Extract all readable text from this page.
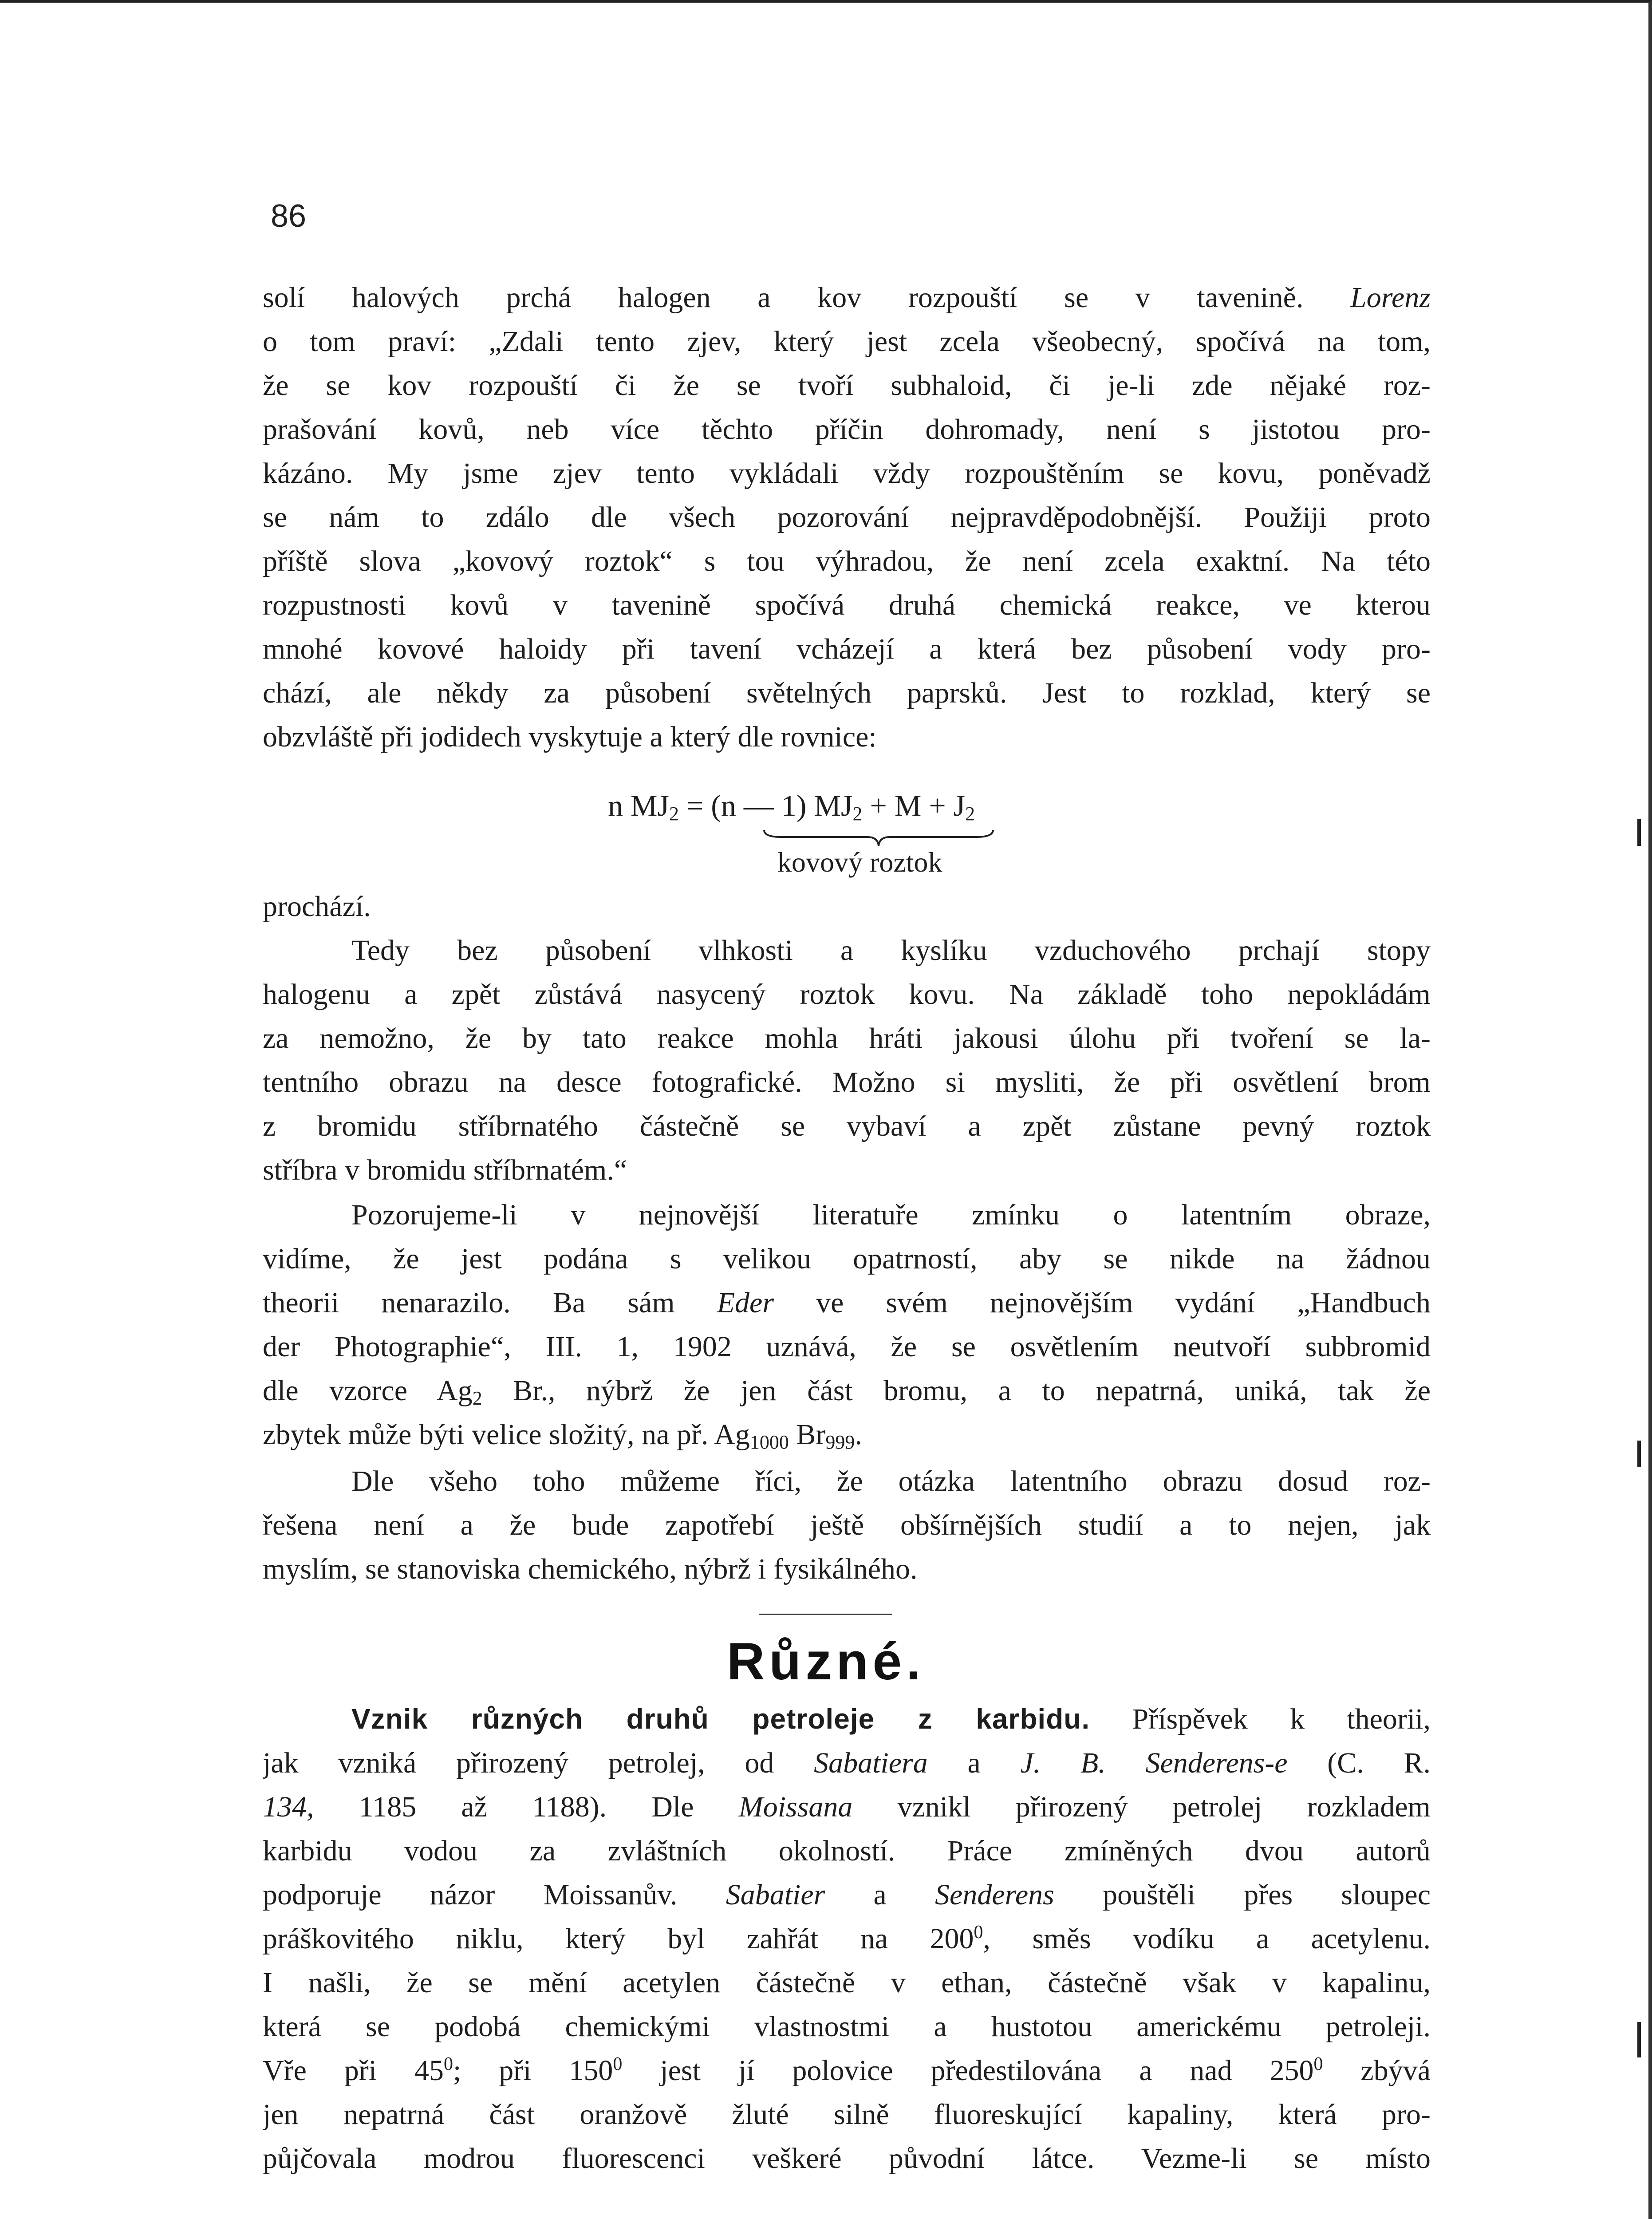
86
solí halových prchá halogen a kov rozpouští se v tavenině. Lorenz
o tom praví: „Zdali tento zjev, který jest zcela všeobecný, spočívá na tom,
že se kov rozpouští či že se tvoří subhaloid, či je-li zde nějaké roz-
prašování kovů, neb více těchto příčin dohromady, není s jistotou pro-
kázáno. My jsme zjev tento vykládali vždy rozpouštěním se kovu, poněvadž
se nám to zdálo dle všech pozorování nejpravděpodobnější. Použiji proto
příště slova „kovový roztok“ s tou výhradou, že není zcela exaktní. Na této
rozpustnosti kovů v tavenině spočívá druhá chemická reakce, ve kterou
mnohé kovové haloidy při tavení vcházejí a která bez působení vody pro-
chází, ale někdy za působení světelných paprsků. Jest to rozklad, který se
obzvláště při jodidech vyskytuje a který dle rovnice:
n $MJ_2 = (n$ — 1) $MJ_2 + M + J_2$
kovový roztok
prochází.
Tedy bez působení vlhkosti a kyslíku vzduchového prchají stopy
halogenu a zpět zůstává nasycený roztok kovu. Na základě toho nepokládám
za nemožno, že by tato reakce mohla hráti jakousi úlohu při tvoření se la-
tentního obrazu na desce fotografické. Možno si mysliti, že při osvětlení brom
z bromidu stříbrnatého částečně se vybaví a zpět zůstane pevný roztok
stříbra v bromidu stříbrnatém.“
Pozorujeme-li v nejnovější literatuře zmínku o latentním obraze,
vidíme, že jest podána s velikou opatrností, aby se nikde na žádnou
theorii nenarazilo. Ba sám Eder ve svém nejnovějším vydání „Handbuch
der Photographie“, III. 1, 1902 uznává, že se osvětlením neutvoří subbromid
dle vzorce $Ag_2$ Br., nýbrž že jen část bromu, a to nepatrná, uniká, tak že
zbytek může býti velice složitý, na př. $Ag_{1000}$ $Br_{999}$.
Dle všeho toho můžeme říci, že otázka latentního obrazu dosud roz-
řešena není a že bude zapotřebí ještě obšírnějších studií a to nejen, jak
myslím, se stanoviska chemického, nýbrž i fysikálného.
Různé.
Vznik různých druhů petroleje z karbidu. Příspěvek k theorii,
jak vzniká přirozený petrolej, od Sabatiera a J. B. Senderens-e (C. R.
134, 1185 až 1188). Dle Moissana vznikl přirozený petrolej rozkladem
karbidu vodou za zvláštních okolností. Práce zmíněných dvou autorů
podporuje názor Moissanův. Sabatier a Senderens pouštěli přes sloupec
práškovitého niklu, který byl zahřát na $200^0$, směs vodíku a acetylenu.
I našli, že se mění acetylen částečně v ethan, částečně však v kapalinu,
která se podobá chemickými vlastnostmi a hustotou americkému petroleji.
Vře při $45^0$; při $150^0$ jest jí polovice předestilována a nad $250^0$ zbývá
jen nepatrná část oranžově žluté silně fluoreskující kapaliny, která pro-
půjčovala modrou fluorescenci veškeré původní látce. Vezme-li se místo
